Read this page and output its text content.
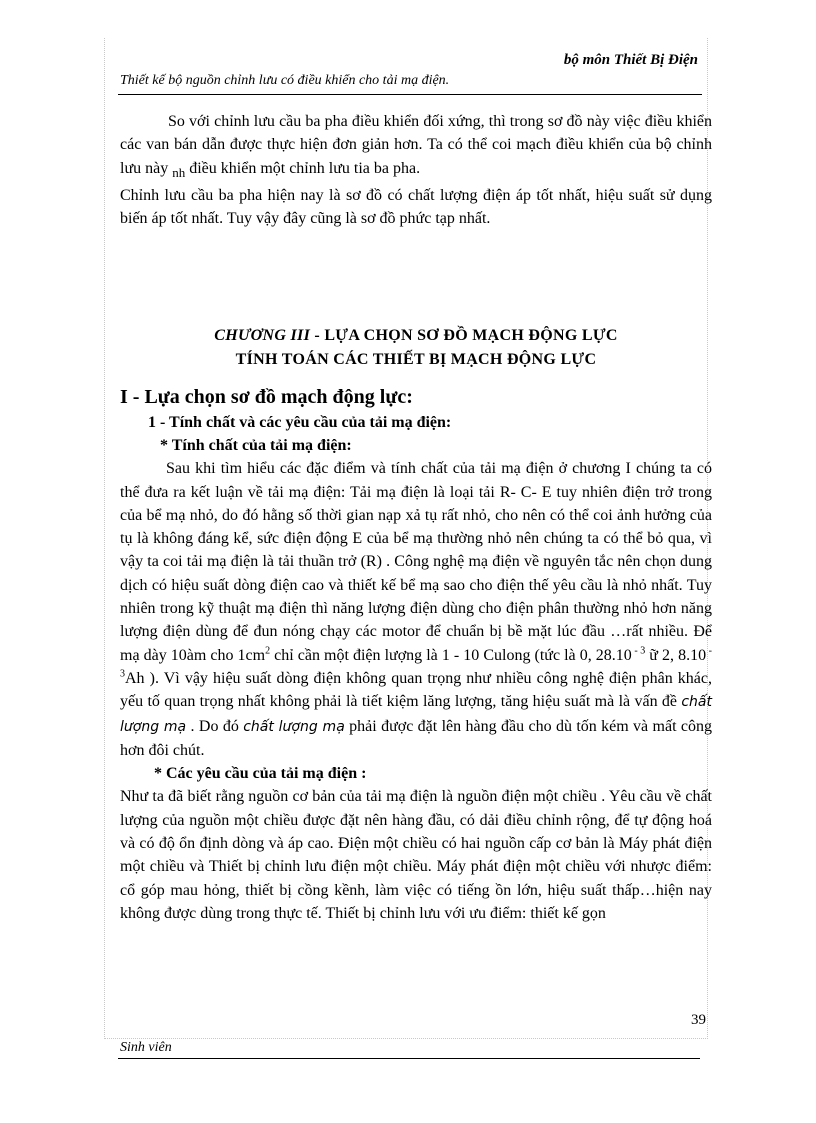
bộ môn Thiết Bị Điện
Thiết kế bộ nguồn chỉnh lưu có điều khiển cho tải mạ điện.

So với chỉnh lưu cầu ba pha điều khiển đối xứng, thì trong sơ đồ này việc điều khiển các van bán dẫn được thực hiện đơn giản hơn. Ta có thể coi mạch điều khiển của bộ chỉnh lưu này $_{nh}$ điều khiển một chỉnh lưu tia ba pha.

Chỉnh lưu cầu ba pha hiện nay là sơ đồ có chất lượng điện áp tốt nhất, hiệu suất sử dụng biến áp tốt nhất. Tuy vậy đây cũng là sơ đồ phức tạp nhất.

CHƯƠNG III - LỰA CHỌN SƠ ĐỒ MẠCH ĐỘNG LỰC
TÍNH TOÁN CÁC THIẾT BỊ MẠCH ĐỘNG LỰC
I - Lựa chọn sơ đồ mạch động lực:
1 - Tính chất và các yêu cầu của tải mạ điện:
* Tính chất của tải mạ điện:

Sau khi tìm hiểu các đặc điểm và tính chất của tải mạ điện ở chương I chúng ta có thể đưa ra kết luận về tải mạ điện: Tải mạ điện là loại tải R- C- E tuy nhiên điện trở trong của bể mạ nhỏ, do đó hằng số thời gian nạp xả tụ rất nhỏ, cho nên có thể coi ảnh hưởng của tụ là không đáng kể, sức điện động E của bể mạ thường nhỏ nên chúng ta có thể bỏ qua, vì vậy ta coi tải mạ điện là tải thuần trở (R) . Công nghệ mạ điện về nguyên tắc nên chọn dung dịch có hiệu suất dòng điện cao và thiết kế bể mạ sao cho điện thế yêu cầu là nhỏ nhất. Tuy nhiên trong kỹ thuật mạ điện thì năng lượng điện dùng cho điện phân thường nhỏ hơn năng lượng điện dùng để đun nóng chạy các motor để chuẩn bị bề mặt lúc đầu …rất nhiều. Để mạ dày 10àm cho $1cm^2$ chỉ cần một điện lượng là 1 - 10 Culong (tức là 0, 28.10 $^{- 3}$ ữ 2, 8.10 $^{- 3}$Ah ). Vì vậy hiệu suất dòng điện không quan trọng như nhiều công nghệ điện phân khác, yếu tố quan trọng nhất không phải là tiết kiệm lăng lượng, tăng hiệu suất mà là vấn đề chất lượng mạ . Do đó chất lượng mạ phải được đặt lên hàng đầu cho dù tốn kém và mất công hơn đôi chút.

* Các yêu cầu của tải mạ điện :

Như ta đã biết rằng nguồn cơ bản của tải mạ điện là nguồn điện một chiều . Yêu cầu về chất lượng của nguồn một chiều được đặt nên hàng đầu, có dải điều chỉnh rộng, để tự động hoá và có độ ổn định dòng và áp cao. Điện một chiều có hai nguồn cấp cơ bản là Máy phát điện một chiều và Thiết bị chỉnh lưu điện một chiều. Máy phát điện một chiều với nhược điểm: cổ góp mau hỏng, thiết bị cồng kềnh, làm việc có tiếng ồn lớn, hiệu suất thấp…hiện nay không được dùng trong thực tế. Thiết bị chỉnh lưu với ưu điểm: thiết kế gọn

39
Sinh viên
